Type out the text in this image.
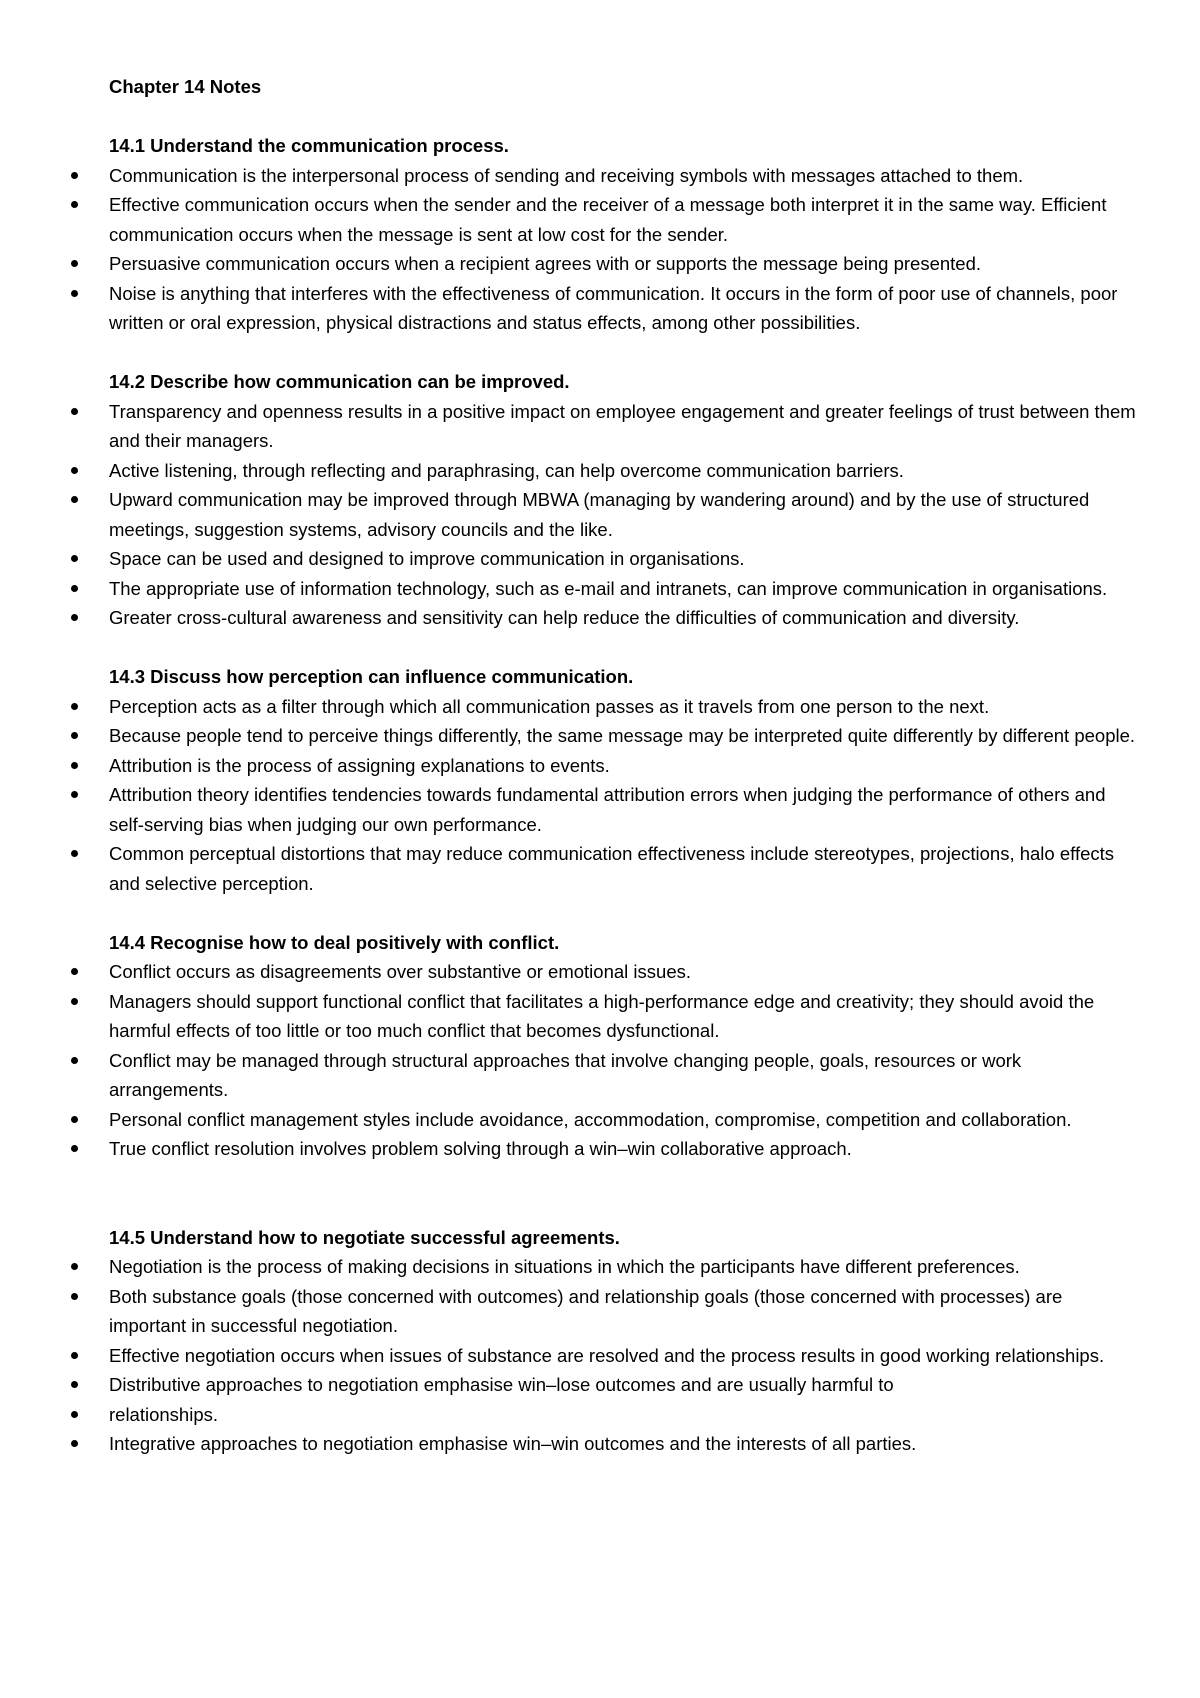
Chapter 14 Notes
14.1 Understand the communication process.
Communication is the interpersonal process of sending and receiving symbols with messages attached to them.
Effective communication occurs when the sender and the receiver of a message both interpret it in the same way. Efficient communication occurs when the message is sent at low cost for the sender.
Persuasive communication occurs when a recipient agrees with or supports the message being presented.
Noise is anything that interferes with the effectiveness of communication. It occurs in the form of poor use of channels, poor written or oral expression, physical distractions and status effects, among other possibilities.
14.2 Describe how communication can be improved.
Transparency and openness results in a positive impact on employee engagement and greater feelings of trust between them and their managers.
Active listening, through reflecting and paraphrasing, can help overcome communication barriers.
Upward communication may be improved through MBWA (managing by wandering around) and by the use of structured meetings, suggestion systems, advisory councils and the like.
Space can be used and designed to improve communication in organisations.
The appropriate use of information technology, such as e-mail and intranets, can improve communication in organisations.
Greater cross-cultural awareness and sensitivity can help reduce the difficulties of communication and diversity.
14.3 Discuss how perception can influence communication.
Perception acts as a filter through which all communication passes as it travels from one person to the next.
Because people tend to perceive things differently, the same message may be interpreted quite differently by different people.
Attribution is the process of assigning explanations to events.
Attribution theory identifies tendencies towards fundamental attribution errors when judging the performance of others and self-serving bias when judging our own performance.
Common perceptual distortions that may reduce communication effectiveness include stereotypes, projections, halo effects and selective perception.
14.4 Recognise how to deal positively with conflict.
Conflict occurs as disagreements over substantive or emotional issues.
Managers should support functional conflict that facilitates a high-performance edge and creativity; they should avoid the harmful effects of too little or too much conflict that becomes dysfunctional.
Conflict may be managed through structural approaches that involve changing people, goals, resources or work arrangements.
Personal conflict management styles include avoidance, accommodation, compromise, competition and collaboration.
True conflict resolution involves problem solving through a win–win collaborative approach.
14.5 Understand how to negotiate successful agreements.
Negotiation is the process of making decisions in situations in which the participants have different preferences.
Both substance goals (those concerned with outcomes) and relationship goals (those concerned with processes) are important in successful negotiation.
Effective negotiation occurs when issues of substance are resolved and the process results in good working relationships.
Distributive approaches to negotiation emphasise win–lose outcomes and are usually harmful to
relationships.
Integrative approaches to negotiation emphasise win–win outcomes and the interests of all parties.
